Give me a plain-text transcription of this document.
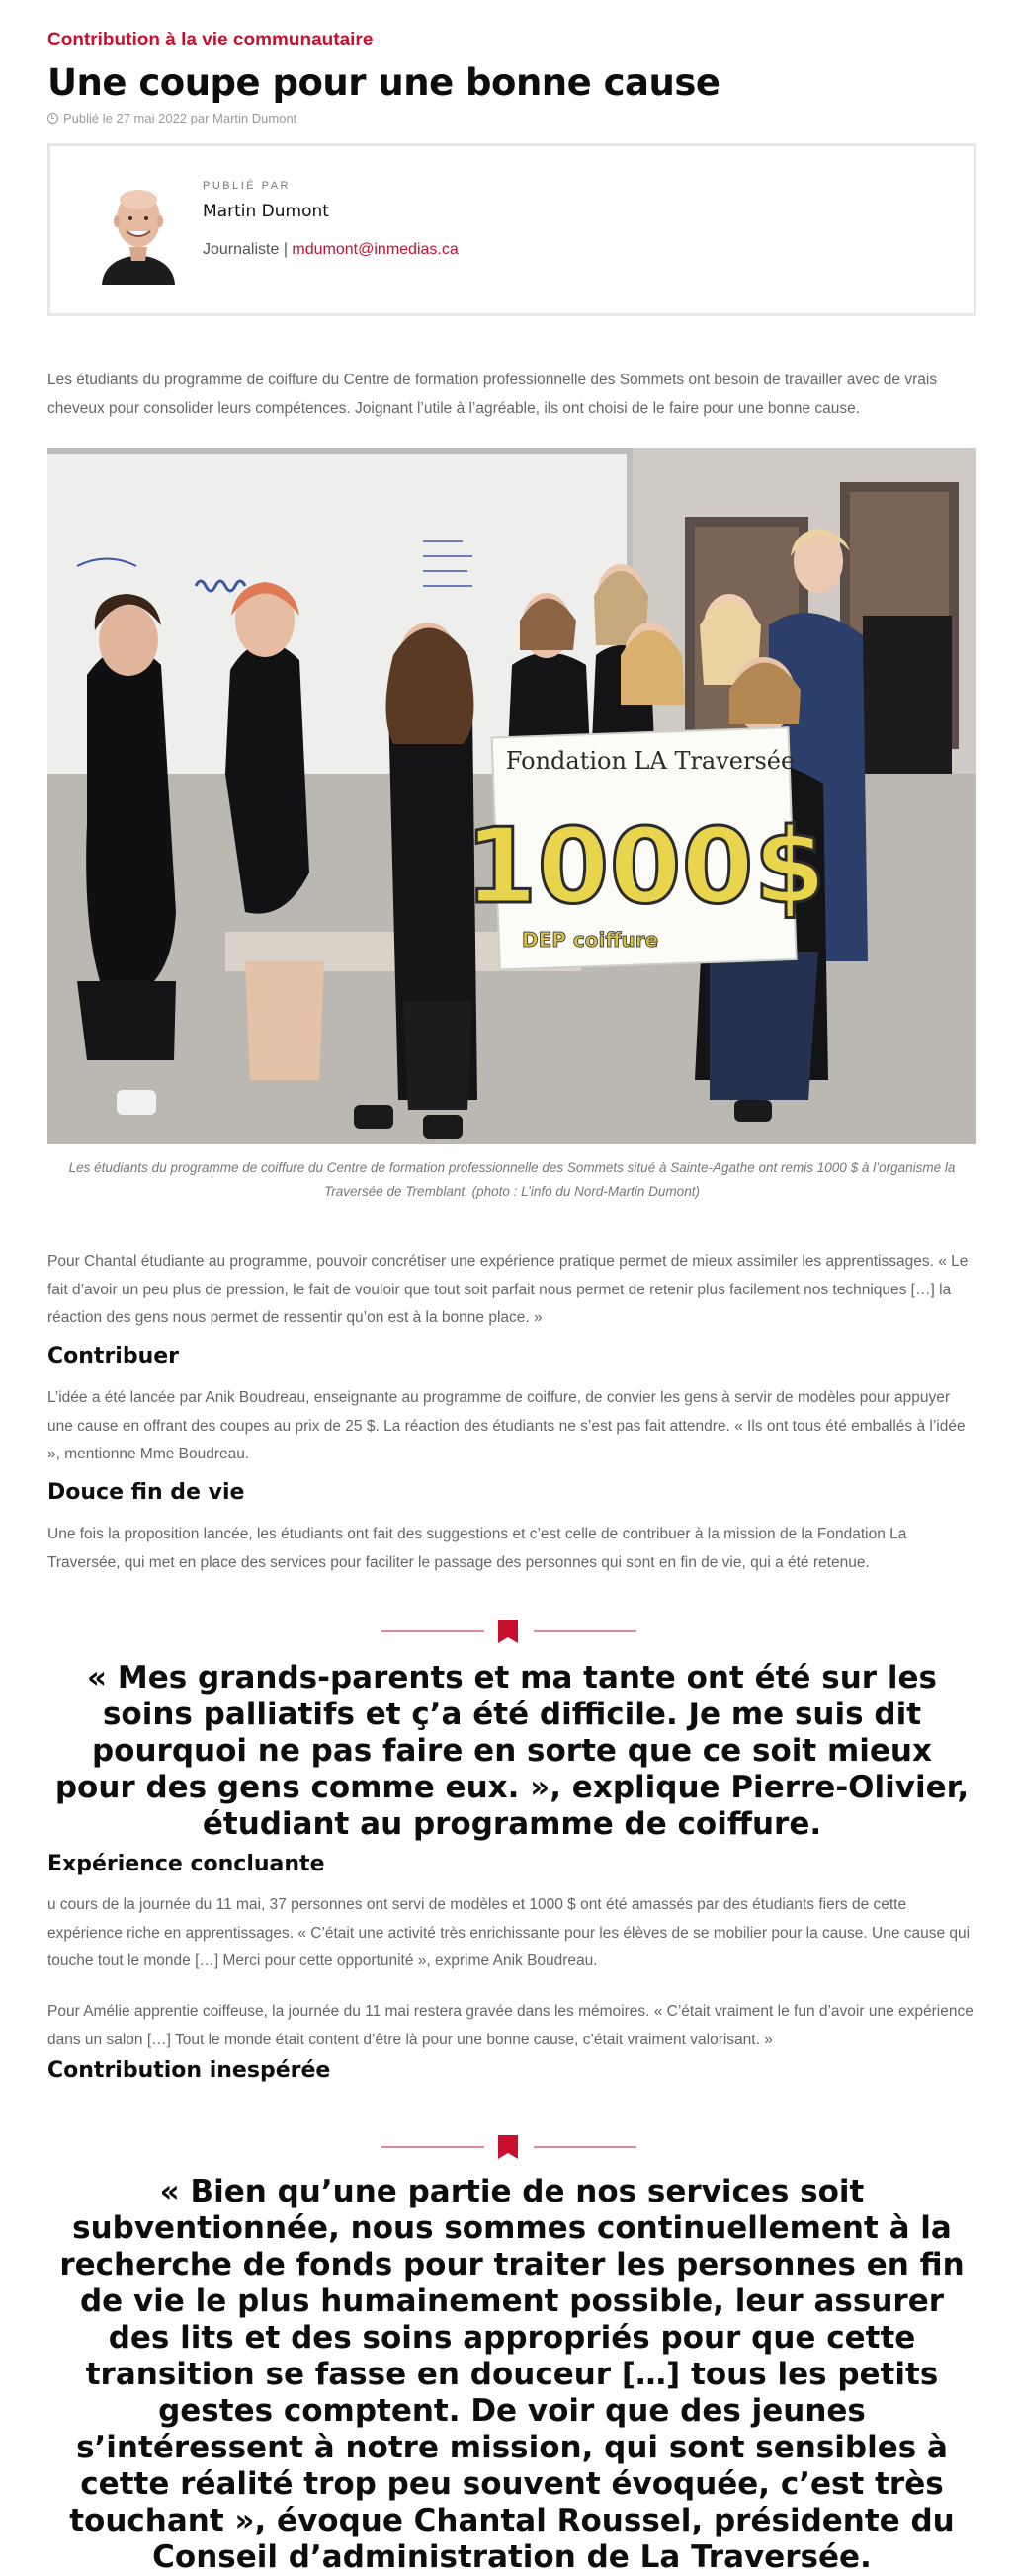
Contribution à la vie communautaire
Une coupe pour une bonne cause
Publié le 27 mai 2022 par Martin Dumont
PUBLIÉ PAR
Martin Dumont
Journaliste | mdumont@inmedias.ca

Les étudiants du programme de coiffure du Centre de formation professionnelle des Sommets ont besoin de travailler avec de vrais cheveux pour consolider leurs compétences. Joignant l’utile à l’agréable, ils ont choisi de le faire pour une bonne cause.

Fondation LA Traversée
1000$
DEP coiffure
Les étudiants du programme de coiffure du Centre de formation professionnelle des Sommets situé à Sainte-Agathe ont remis 1000 $ à l’organisme la Traversée de Tremblant. (photo : L’info du Nord-Martin Dumont)

Pour Chantal étudiante au programme, pouvoir concrétiser une expérience pratique permet de mieux assimiler les apprentissages. « Le fait d’avoir un peu plus de pression, le fait de vouloir que tout soit parfait nous permet de retenir plus facilement nos techniques […] la réaction des gens nous permet de ressentir qu’on est à la bonne place. »

Contribuer

L’idée a été lancée par Anik Boudreau, enseignante au programme de coiffure, de convier les gens à servir de modèles pour appuyer une cause en offrant des coupes au prix de 25 $. La réaction des étudiants ne s’est pas fait attendre. « Ils ont tous été emballés à l’idée », mentionne Mme Boudreau.

Douce fin de vie

Une fois la proposition lancée, les étudiants ont fait des suggestions et c’est celle de contribuer à la mission de la Fondation La Traversée, qui met en place des services pour faciliter le passage des personnes qui sont en fin de vie, qui a été retenue.

« Mes grands-parents et ma tante ont été sur les soins palliatifs et ç’a été difficile. Je me suis dit pourquoi ne pas faire en sorte que ce soit mieux pour des gens comme eux. », explique Pierre-Olivier, étudiant au programme de coiffure.

Expérience concluante

u cours de la journée du 11 mai, 37 personnes ont servi de modèles et 1000 $ ont été amassés par des étudiants fiers de cette expérience riche en apprentissages. « C’était une activité très enrichissante pour les élèves de se mobilier pour la cause. Une cause qui touche tout le monde […] Merci pour cette opportunité », exprime Anik Boudreau.

Pour Amélie apprentie coiffeuse, la journée du 11 mai restera gravée dans les mémoires. « C’était vraiment le fun d’avoir une expérience dans un salon […] Tout le monde était content d’être là pour une bonne cause, c’était vraiment valorisant. »

Contribution inespérée

« Bien qu’une partie de nos services soit subventionnée, nous sommes continuellement à la recherche de fonds pour traiter les personnes en fin de vie le plus humainement possible, leur assurer des lits et des soins appropriés pour que cette transition se fasse en douceur […] tous les petits gestes comptent. De voir que des jeunes s’intéressent à notre mission, qui sont sensibles à cette réalité trop peu souvent évoquée, c’est très touchant », évoque Chantal Roussel, présidente du Conseil d’administration de La Traversée.
